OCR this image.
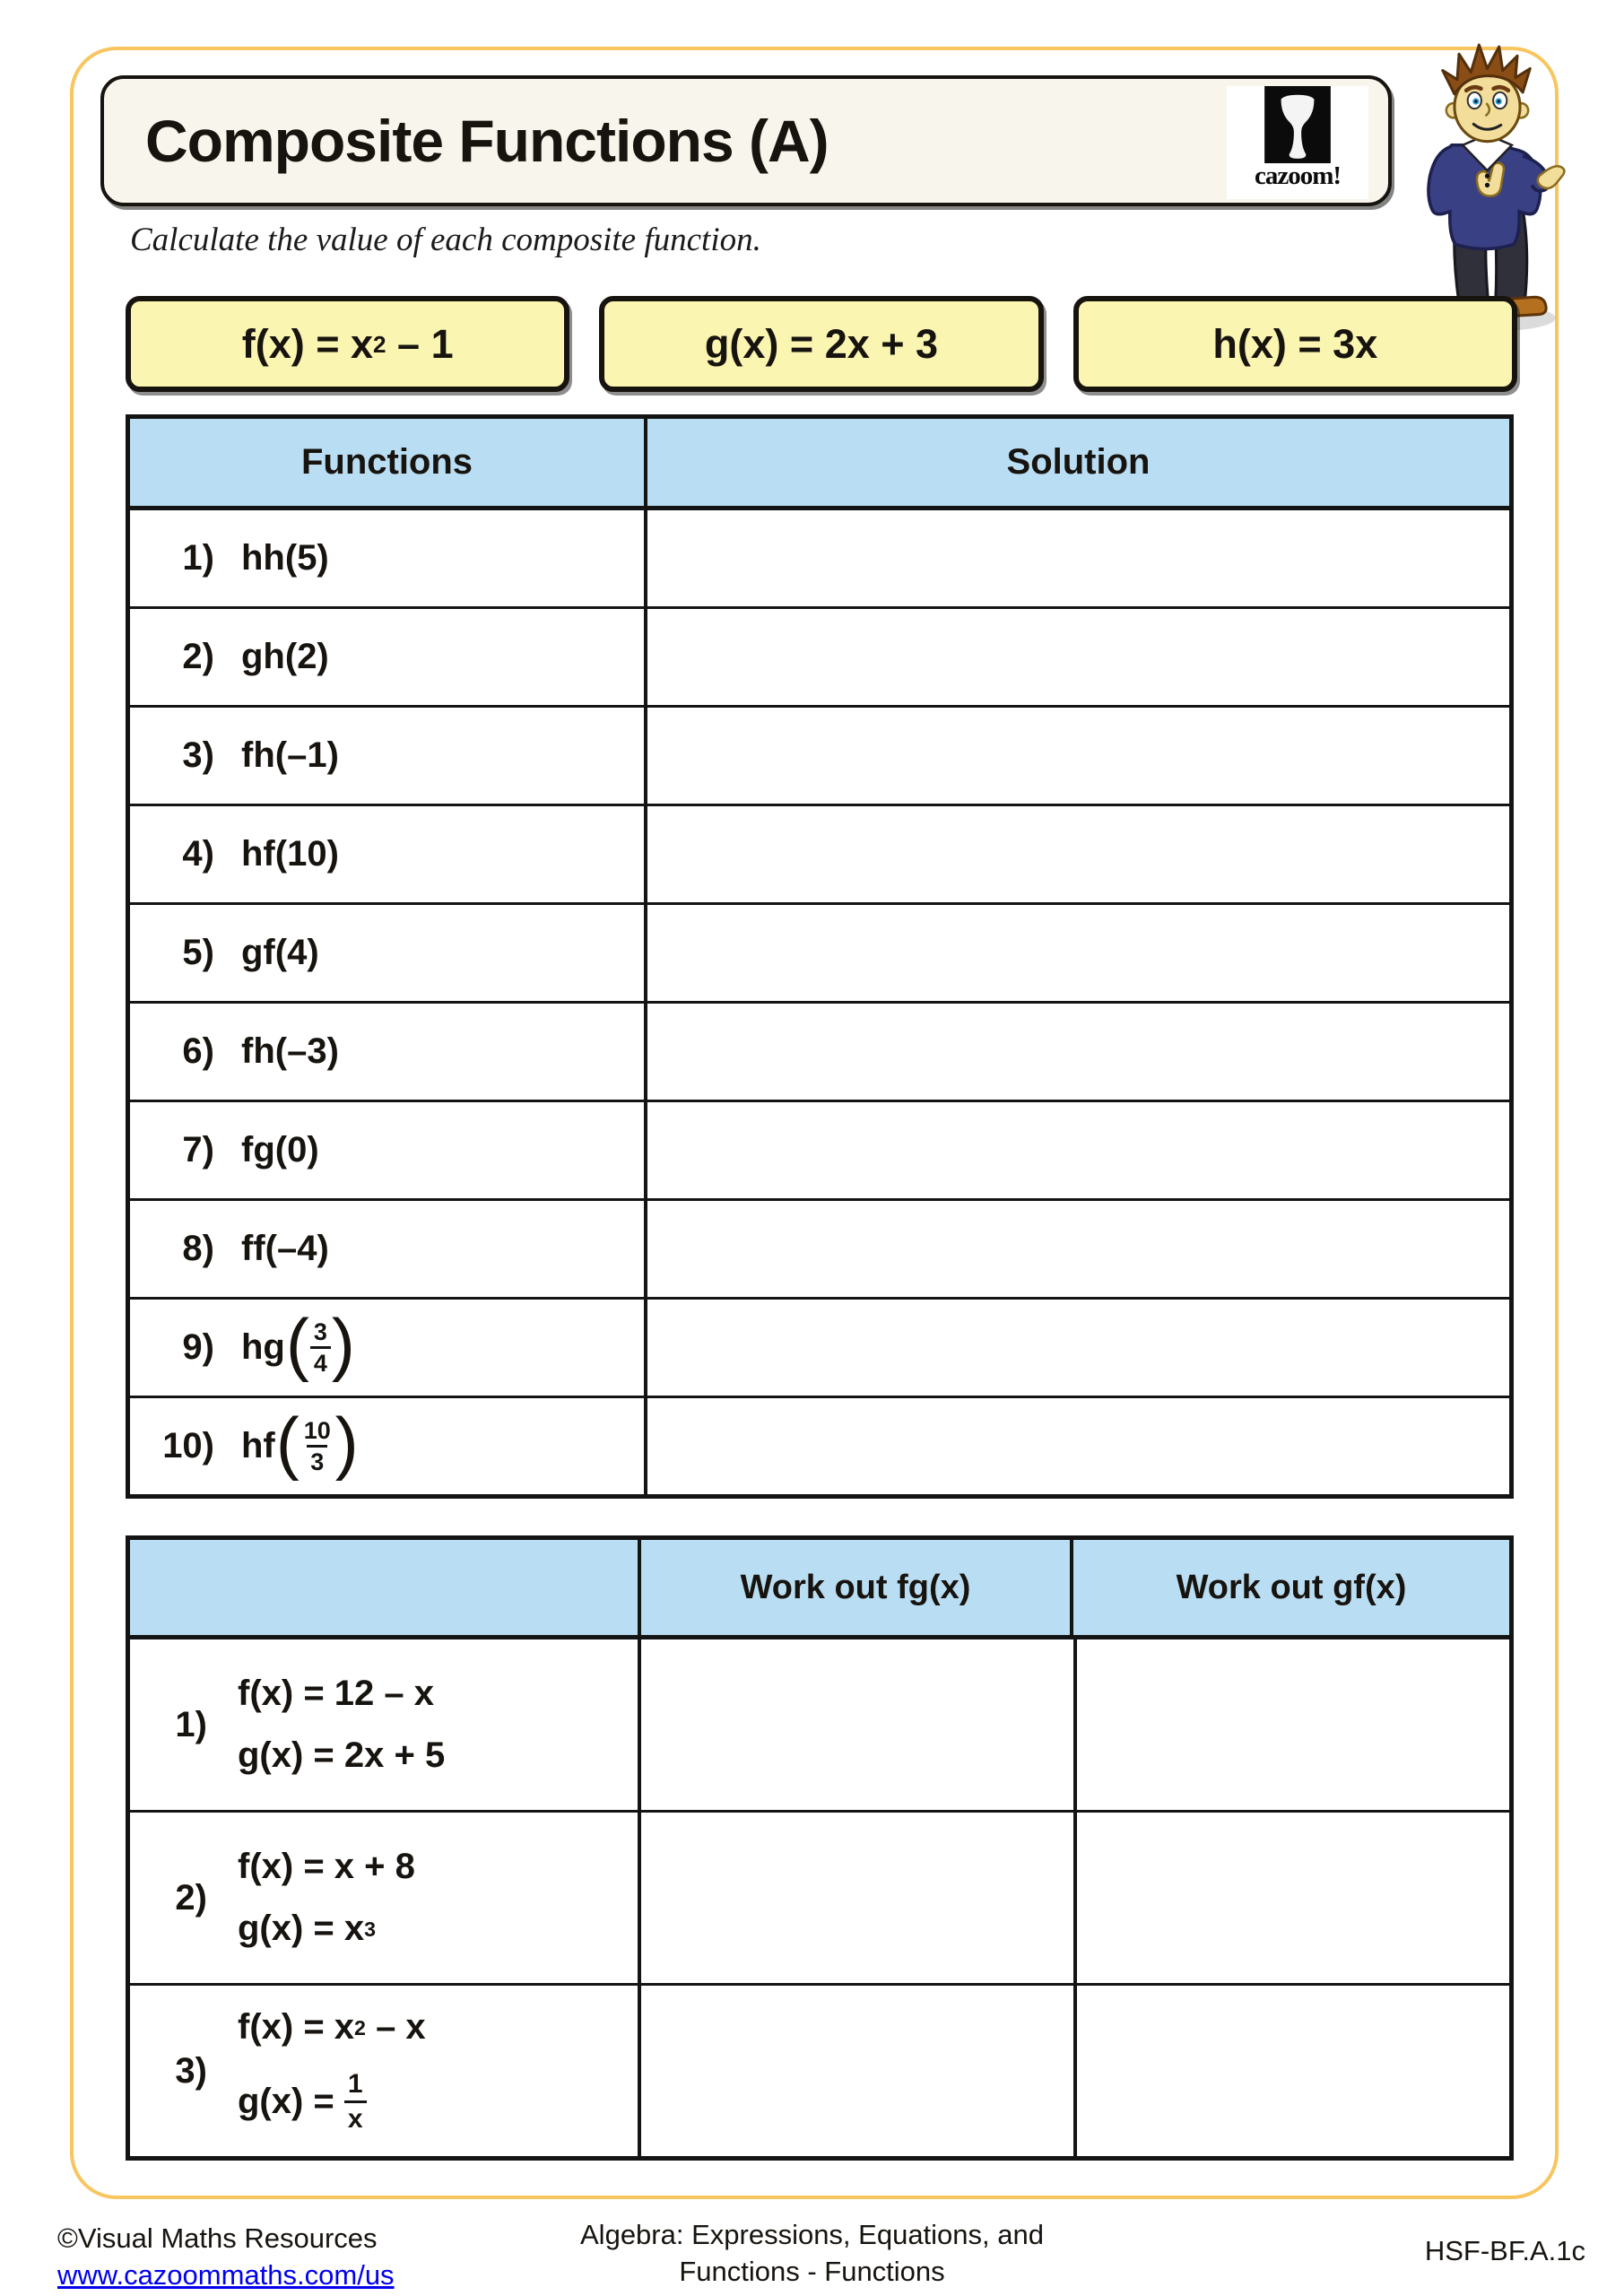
Composite Functions (A)
cazoom!
Calculate the value of each composite function.
f(x) = x 2 – 1	g(x) = 2x + 3	h(x) = 3x
Functions	Solution
1) hh(5)
2) gh(2)
3) fh(–1)
4) hf(10)
5) gf(4)
6) fh(–3)
7) fg(0)
8) ff(–4)
9) hg ( $\frac{3}{4}$ )
10) hf ( $\frac{10}{3}$ )
Work out fg(x)	Work out gf(x)
1)
f(x) = 12 – x
g(x) = 2x + 5
2)
f(x) = x + 8
g(x) = x 3
3)
f(x) = x 2 – x
$g(x) = \frac{1}{x}$
©Visual Maths Resources
www.cazoommaths.com/us
Algebra: Expressions, Equations, and
Functions - Functions
HSF-BF.A.1c
